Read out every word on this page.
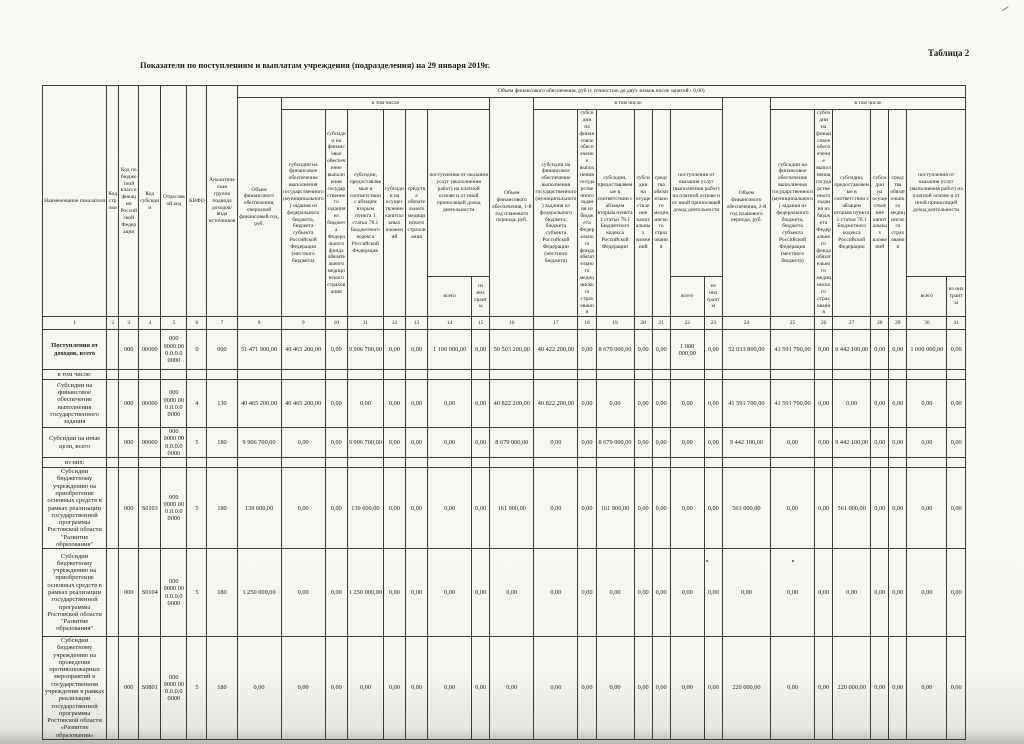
Таблица 2
Показатели по поступлениям и выплатам учреждения (подразделения) на 29 января 2019г.
Наименование показателя	Код строки	Код по бюджетной классификации Российской Федерации	Код субсидии	Отраслевой код	КВФО	Аналитическая группа подвида доходов/ вида источников	Объем финансового обеспечения, руб (с точностью до двух знаков после запятой - 0,00)																							
							Объем финансового обеспечения, очередной финансовый год, руб.	в том числе							Объем финансового обеспечения, 1-й год планового периода, руб.	в том числе							Объем финансового обеспечения, 2-й год планового периода, руб.	в том числе						
								субсидии на финансовое обеспечение выполнения государственного (муниципального) задания из федерального бюджета, бюджета субъекта Российской Федерации (местного бюджета)	субсидии на финансовое обеспечение выполнения государственного задания из бюджета Федерального фонда обязательного медицинского страхования	субсидии, предоставляемые в соответствии с абзацем вторым пункта 1 статьи 78.1 Бюджетного кодекса Российской Федерации	субсидии на осуществление капитальных вложений	средства обязательного медицинского страхования	поступления от оказания услуг (выполнения работ) на платной основе и от иной приносящей доход деятельности			субсидии на финансовое обеспечение выполнения государственного (муниципального) задания из федерального бюджета, бюджета субъекта Российской Федерации (местного бюджета)	субсидии на финансовое обеспечение выполнения государственного задания из бюджета Федерального фонда обязательного медицинского страхования	субсидии, предоставляемые в соответствии с абзацем вторым пункта 1 статьи 78.1 Бюджетного кодекса Российской Федерации	субсидии на осуществление капитальных вложений	средства обязательного медицинского страхования	поступления от оказания услуг (выполнения работ) на платной основе и от иной приносящей доход деятельности			субсидии на финансовое обеспечение выполнения государственного (муниципального) задания из федерального бюджета, бюджета субъекта Российской Федерации (местного бюджета)	субсидии на финансовое обеспечение выполнения государственного задания из бюджета Федерального фонда обязательного медицинского страхования	субсидии, предоставляемые в соответствии с абзацем вторым пункта 1 статьи 78.1 Бюджетного кодекса Российской Федерации	субсидии на осуществление капитальных вложений	средства обязательного медицинского страхования	поступления от оказания услуг (выполнения работ) на платной основе и от иной приносящей доход деятельности	
													всего	из них гранты							всего	из них гранты							всего	из них гранты
1	2	3	4	5	6	7	8	9	10	11	12	13	14	15	16	17	18	19	20	21	22	23	24	25	26	27	28	29	30	31
Поступления от доходов, всего		000	00000	000 0000 00 0.0.0.0 0000	0	000	51 471 900,00	40 465 200,00	0,00	9 906 700,00	0,00	0,00	1 100 000,00	0,00	50 503 200,00	40 422 200,00	0,00	8 679 000,00	0,00	0,00	1 000 000,00	0,00	52 033 800,00	41 591 700,00	0,00	9 442 100,00	0,00	0,00	1 000 000,00	0,00
в том числе:																														
Субсидии на финансовое обеспечение выполнения государственного задания		000	00000	000 0000 00 0.0.0.0 0000	4	130	40 465 200,00	40 465 200,00	0,00	0,00	0,00	0,00	0,00	0,00	40 822 200,00	40 822 200,00	0,00	0,00	0,00	0,00	0,00	0,00	41 591 700,00	41 591 700,00	0,00	0,00	0,00	0,00	0,00	0,00
Субсидии на иные цели, всего		000	00000	000 0000 00 0.0.0.0 0000	5	180	9 906 700,00	0,00	0,00	9 906 700,00	0,00	0,00	0,00	0,00	8 679 000,00	0,00	0,00	8 679 000,00	0,00	0,00	0,00	0,00	9 442 100,00	0,00	0,00	9 442 100,00	0,00	0,00	0,00	0,00
из них:																														
Субсидии бюджетному учреждению на приобретение основных средств в рамках реализации государственной программы Ростовской области "Развитие образования"		000	S0103	000 0000 00 0.0.0.0 0000	5	180	139 600,00	0,00	0,00	139 600,00	0,00	0,00	0,00	0,00	161 900,00	0,00	0,00	161 900,00	0,00	0,00	0,00	0,00	561 000,00	0,00	0,00	561 000,00	0,00	0,00	0,00	0,00
Субсидии бюджетному учреждению на приобретение основных средств в рамках реализации государственной программы Ростовской области "Развитие образования"		000	S0104	000 0000 00 0.0.0.0 0000	5	180	1 250 000,00	0,00	0,00	1 250 000,00	0,00	0,00	0,00	0,00	0,00	0,00	0,00	0,00	0,00	0,00	0,00	0,00	0,00	0,00	0,00	0,00	0,00	0,00	0,00	0,00
Субсидии бюджетному учреждению на проведение противопожарных мероприятий в государственном учреждении в рамках реализации государственной программы Ростовской области «Развитие образования»		000	S0801	000 0000 00 0.0.0.0 0000	5	180	0,00	0,00	0,00	0,00	0,00	0,00	0,00	0,00	0,00	0,00	0,00	0,00	0,00	0,00	0,00	0,00	220 000,00	0,00	0,00	220 000,00	0,00	0,00	0,00	0,00
